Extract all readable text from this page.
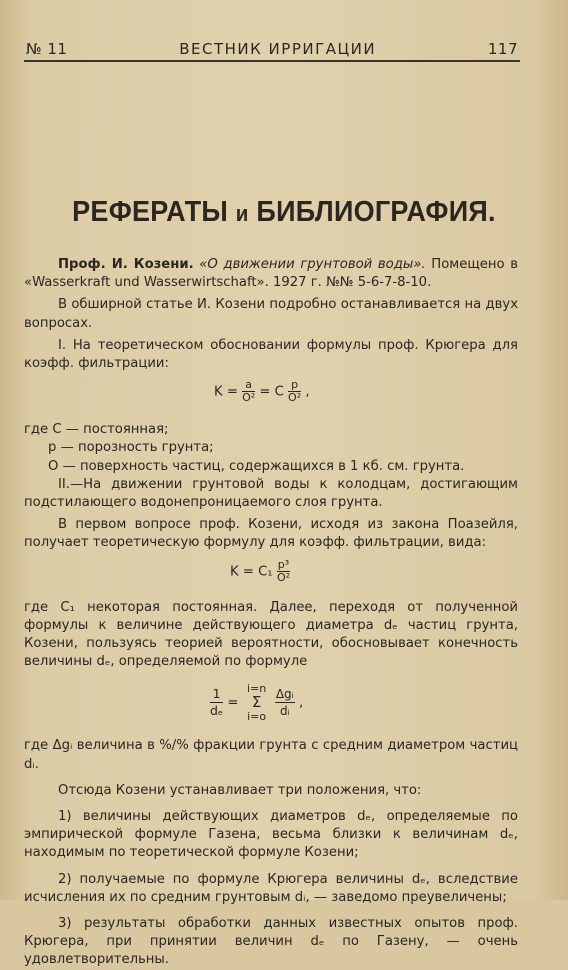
№ 11	ВЕСТНИК ИРРИГАЦИИ	117
РЕФЕРАТЫ и БИБЛИОГРАФИЯ.

Проф. И. Козени. «О движении грунтовой воды». Помещено в «Wasserkraft und Wasserwirtschaft». 1927 г. №№ 5-6-7-8-10.

В обширной статье И. Козени подробно останавливается на двух вопросах.

I. На теоретическом обосновании формулы проф. Крюгера для коэфф. фильтрации:

$K = \frac{a}{\text{O²}} = C \frac{p}{\text{O²}}$ ,

где C — постоянная;

p — порозность грунта;

O — поверхность частиц, содержащихся в 1 кб. см. грунта.

II.—На движении грунтовой воды к колодцам, достигающим подстилающего водонепроницаемого слоя грунта.

В первом вопросе проф. Козени, исходя из закона Поазейля, получает теоретическую формулу для коэфф. фильтрации, вида:

$K = C_1 \frac{\text{p³}}{\text{O²}}$

где C₁ некоторая постоянная. Далее, переходя от полученной формулы к величине действующего диаметра dₑ частиц грунта, Козени, пользуясь теорией вероятности, обосновывает конечность величины dₑ, определяемой по формуле

$\frac{1}{\text{dₑ}}$ =
i=n
Σ
i=o
$\frac{\text{Δgᵢ}}{\text{dᵢ}}$ ,

где Δgᵢ величина в %/% фракции грунта с средним диаметром частиц dᵢ.

Отсюда Козени устанавливает три положения, что:

1) величины действующих диаметров dₑ, определяемые по эмпирической формуле Газена, весьма близки к величинам dₑ, находимым по теоретической формуле Козени;

2) получаемые по формуле Крюгера величины dₑ, вследствие исчисления их по средним грунтовым dᵢ, — заведомо преувеличены;

3) результаты обработки данных известных опытов проф. Крюгера, при принятии величин dₑ по Газену, — очень удовлетворительны.
